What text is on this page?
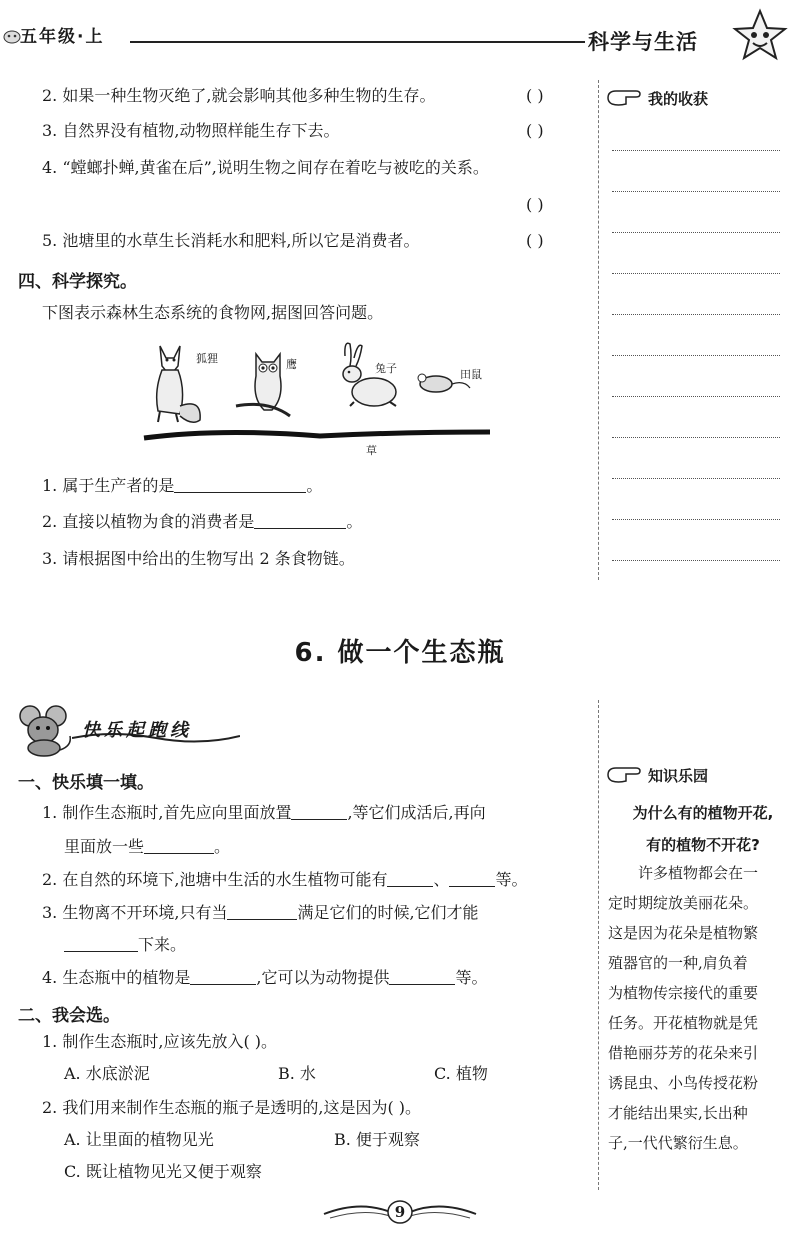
五年级·上	科学与生活
我的收获
2. 如果一种生物灭绝了,就会影响其他多种生物的生存。	( )
3. 自然界没有植物,动物照样能生存下去。	( )
4. “螳螂扑蝉,黄雀在后”,说明生物之间存在着吃与被吃的关系。
( )
5. 池塘里的水草生长消耗水和肥料,所以它是消费者。	( )
四、科学探究。
下图表示森林生态系统的食物网,据图回答问题。
狐狸	鹰	兔子	田鼠
草
1. 属于生产者的是	。
2. 直接以植物为食的消费者是	。
3. 请根据图中给出的生物写出 2 条食物链。
6. 做一个生态瓶
快乐起跑线
知识乐园
为什么有的植物开花,
有的植物不开花?
许多植物都会在一
定时期绽放美丽花朵。
这是因为花朵是植物繁
殖器官的一种,肩负着
为植物传宗接代的重要
任务。开花植物就是凭
借艳丽芬芳的花朵来引
诱昆虫、小鸟传授花粉
才能结出果实,长出种
子,一代代繁衍生息。
一、快乐填一填。
1. 制作生态瓶时,首先应向里面放置	,等它们成活后,再向
里面放一些	。
2. 在自然的环境下,池塘中生活的水生植物可能有	、	等。
3. 生物离不开环境,只有当	满足它们的时候,它们才能
下来。
4. 生态瓶中的植物是	,它可以为动物提供	等。
二、我会选。
1. 制作生态瓶时,应该先放入( )。
A. 水底淤泥	B. 水	C. 植物
2. 我们用来制作生态瓶的瓶子是透明的,这是因为( )。
A. 让里面的植物见光	B. 便于观察
C. 既让植物见光又便于观察
9
